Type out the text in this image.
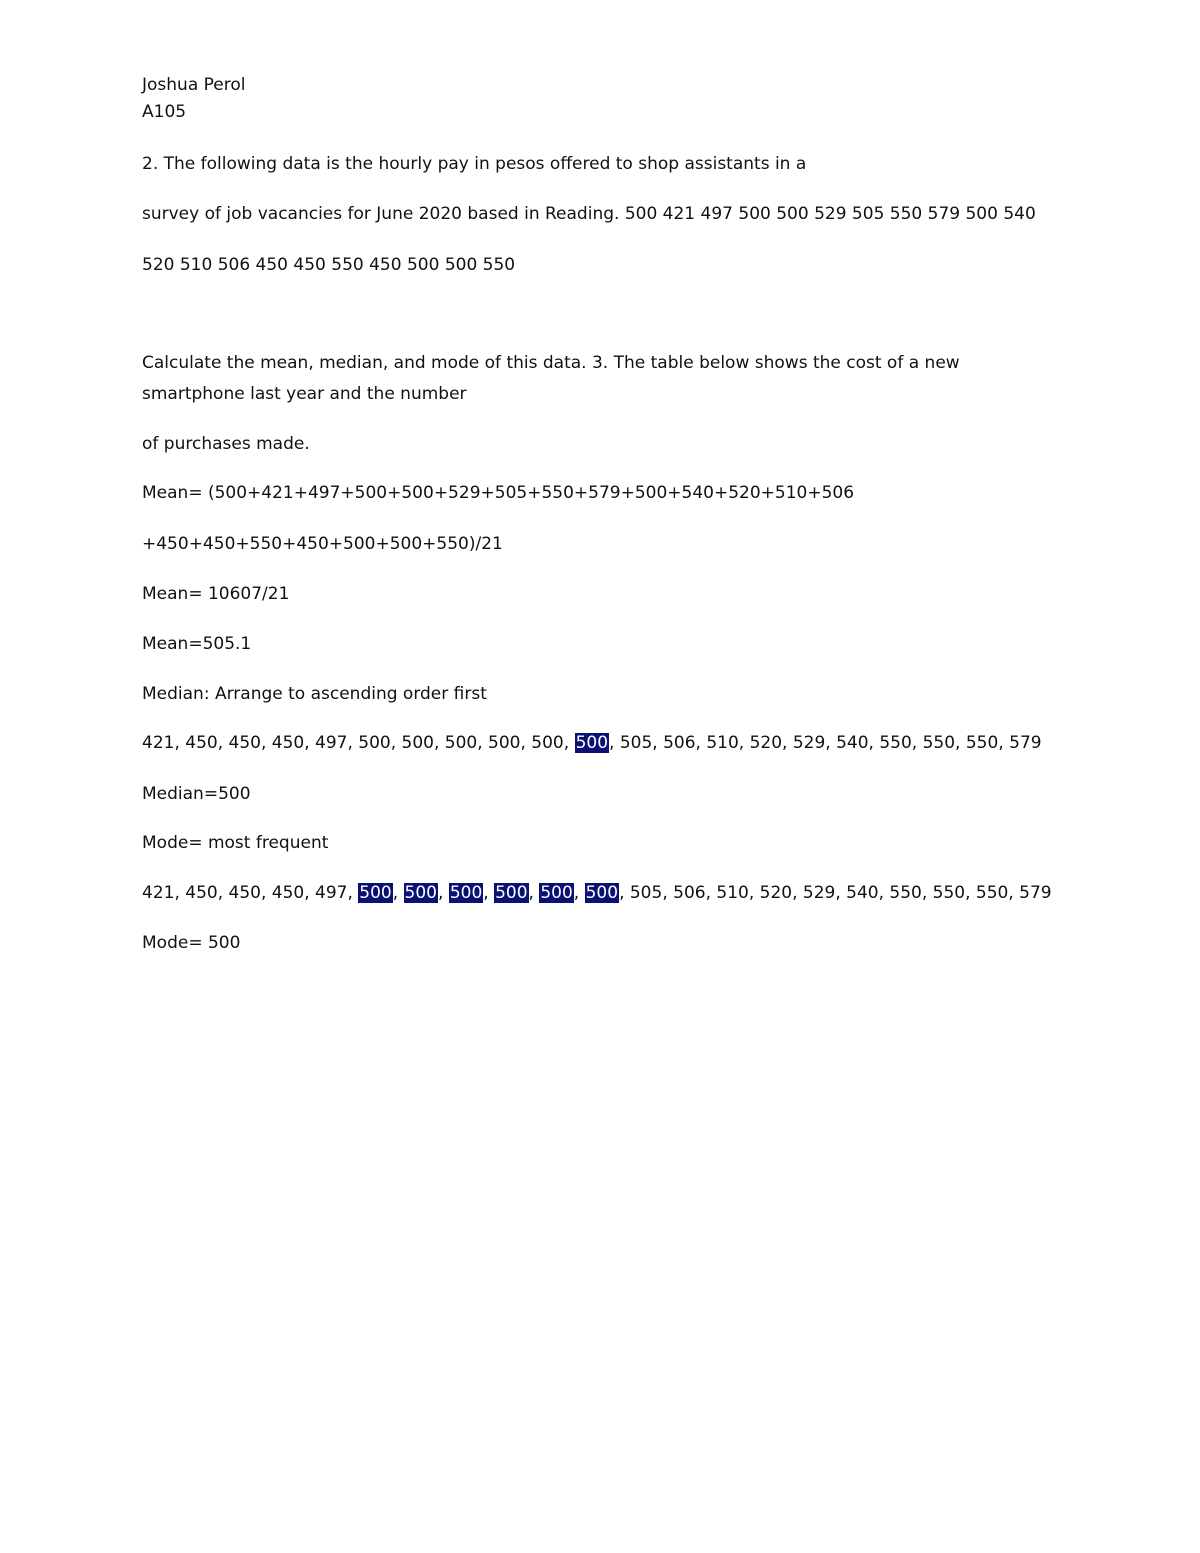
Joshua Perol
A105
2. The following data is the hourly pay in pesos offered to shop assistants in a
survey of job vacancies for June 2020 based in Reading. 500 421 497 500 500 529 505 550 579 500 540
520 510 506 450 450 550 450 500 500 550
Calculate the mean, median, and mode of this data. 3. The table below shows the cost of a new
smartphone last year and the number
of purchases made.
Mean= (500+421+497+500+500+529+505+550+579+500+540+520+510+506
+450+450+550+450+500+500+550)/21
Mean= 10607/21
Mean=505.1
Median: Arrange to ascending order first
421, 450, 450, 450, 497, 500, 500, 500, 500, 500, 500, 505, 506, 510, 520, 529, 540, 550, 550, 550, 579
Median=500
Mode= most frequent
421, 450, 450, 450, 497, 500, 500, 500, 500, 500, 500, 505, 506, 510, 520, 529, 540, 550, 550, 550, 579
Mode= 500
